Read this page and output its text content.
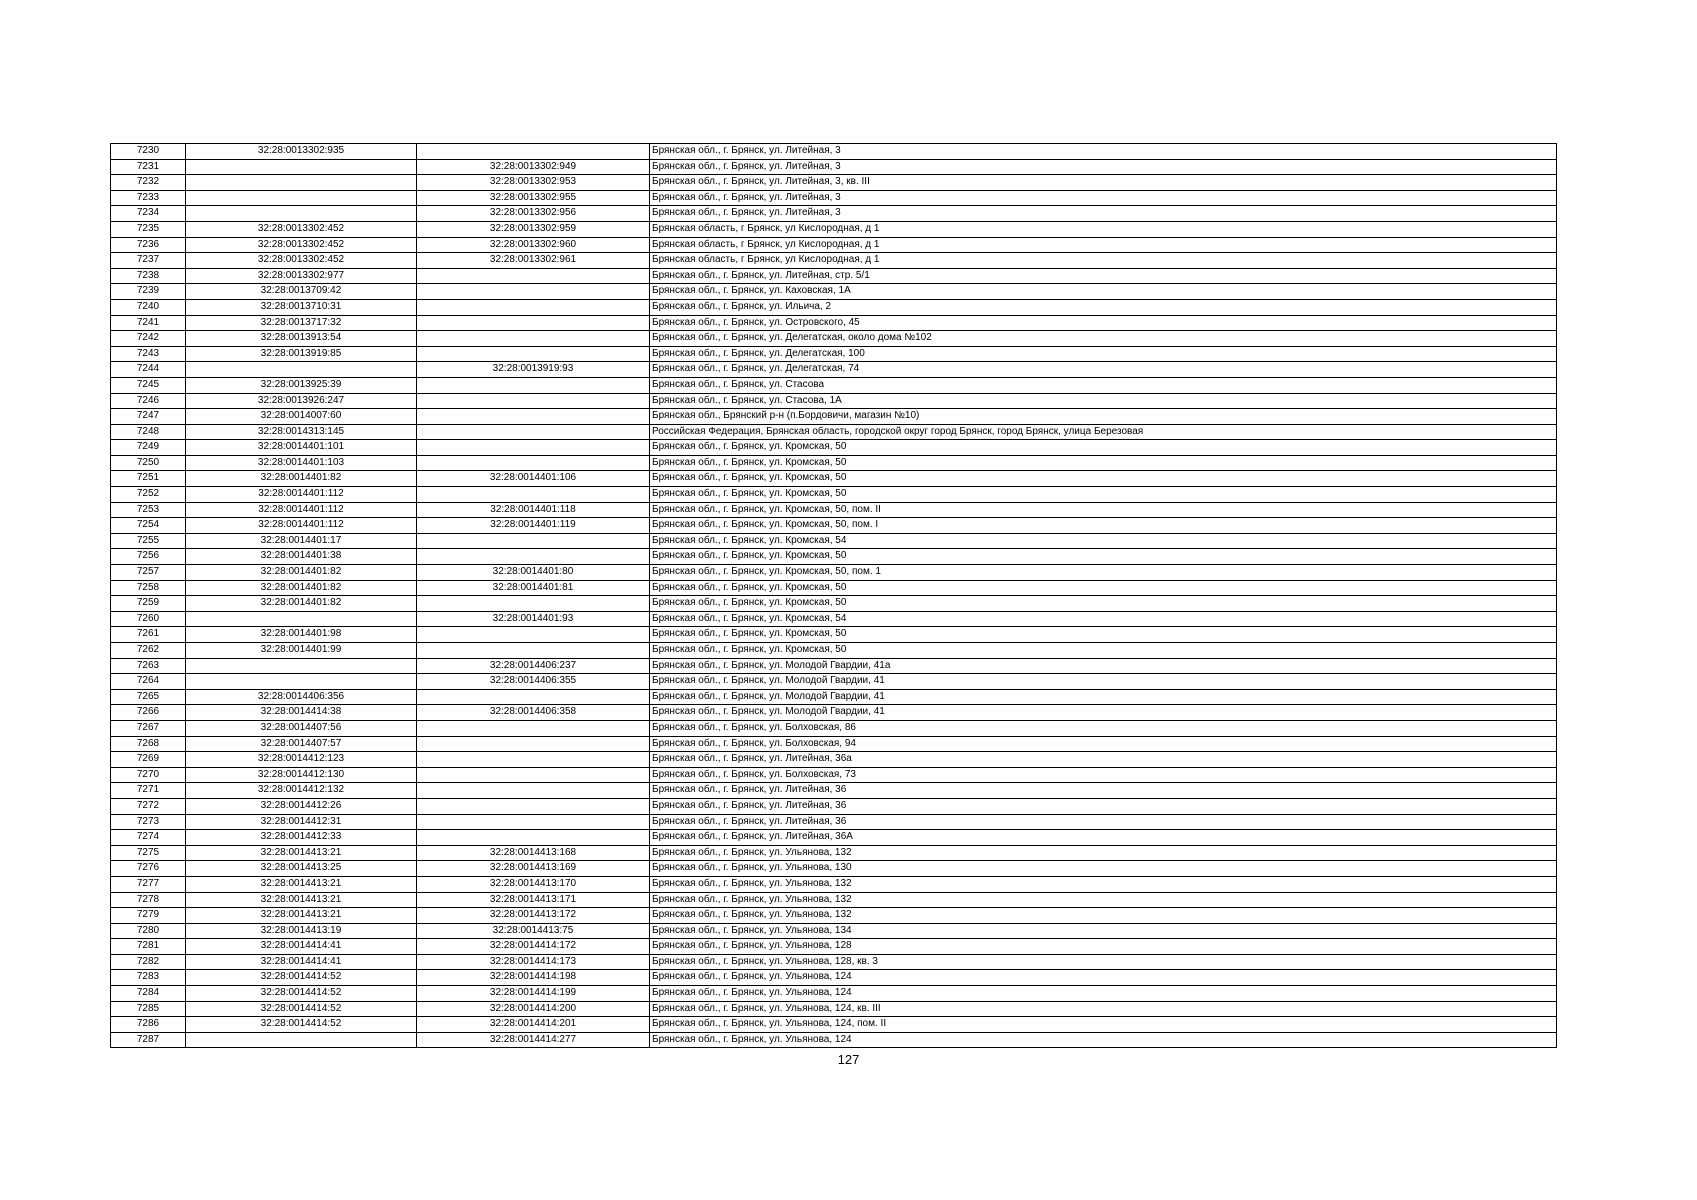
7230	32:28:0013302:935		Брянская обл., г. Брянск, ул. Литейная, 3
7231		32:28:0013302:949	Брянская обл., г. Брянск, ул. Литейная, 3
7232		32:28:0013302:953	Брянская обл., г. Брянск, ул. Литейная, 3, кв. III
7233		32:28:0013302:955	Брянская обл., г. Брянск, ул. Литейная, 3
7234		32:28:0013302:956	Брянская обл., г. Брянск, ул. Литейная, 3
7235	32:28:0013302:452	32:28:0013302:959	Брянская область, г Брянск, ул Кислородная, д 1
7236	32:28:0013302:452	32:28:0013302:960	Брянская область, г Брянск, ул Кислородная, д 1
7237	32:28:0013302:452	32:28:0013302:961	Брянская область, г Брянск, ул Кислородная, д 1
7238	32:28:0013302:977		Брянская обл., г. Брянск, ул. Литейная, стр. 5/1
7239	32:28:0013709:42		Брянская обл., г. Брянск, ул. Каховская, 1А
7240	32:28:0013710:31		Брянская обл., г. Брянск, ул. Ильича, 2
7241	32:28:0013717:32		Брянская обл., г. Брянск, ул. Островского, 45
7242	32:28:0013913:54		Брянская обл., г. Брянск, ул. Делегатская, около дома №102
7243	32:28:0013919:85		Брянская обл., г. Брянск, ул. Делегатская, 100
7244		32:28:0013919:93	Брянская обл., г. Брянск, ул. Делегатская, 74
7245	32:28:0013925:39		Брянская обл., г. Брянск, ул. Стасова
7246	32:28:0013926:247		Брянская обл., г. Брянск, ул. Стасова, 1А
7247	32:28:0014007:60		Брянская обл., Брянский р-н (п.Бордовичи, магазин №10)
7248	32:28:0014313:145		Российская Федерация, Брянская область, городской округ город Брянск, город Брянск, улица Березовая
7249	32:28:0014401:101		Брянская обл., г. Брянск, ул. Кромская, 50
7250	32:28:0014401:103		Брянская обл., г. Брянск, ул. Кромская, 50
7251	32:28:0014401:82	32:28:0014401:106	Брянская обл., г. Брянск, ул. Кромская, 50
7252	32:28:0014401:112		Брянская обл., г. Брянск, ул. Кромская, 50
7253	32:28:0014401:112	32:28:0014401:118	Брянская обл., г. Брянск, ул. Кромская, 50, пом. II
7254	32:28:0014401:112	32:28:0014401:119	Брянская обл., г. Брянск, ул. Кромская, 50, пом. I
7255	32:28:0014401:17		Брянская обл., г. Брянск, ул. Кромская, 54
7256	32:28:0014401:38		Брянская обл., г. Брянск, ул. Кромская, 50
7257	32:28:0014401:82	32:28:0014401:80	Брянская обл., г. Брянск, ул. Кромская, 50, пом. 1
7258	32:28:0014401:82	32:28:0014401:81	Брянская обл., г. Брянск, ул. Кромская, 50
7259	32:28:0014401:82		Брянская обл., г. Брянск, ул. Кромская, 50
7260		32:28:0014401:93	Брянская обл., г. Брянск, ул. Кромская, 54
7261	32:28:0014401:98		Брянская обл., г. Брянск, ул. Кромская, 50
7262	32:28:0014401:99		Брянская обл., г. Брянск, ул. Кромская, 50
7263		32:28:0014406:237	Брянская обл., г. Брянск, ул. Молодой Гвардии, 41а
7264		32:28:0014406:355	Брянская обл., г. Брянск, ул. Молодой Гвардии, 41
7265	32:28:0014406:356		Брянская обл., г. Брянск, ул. Молодой Гвардии, 41
7266	32:28:0014414:38	32:28:0014406:358	Брянская обл., г. Брянск, ул. Молодой Гвардии, 41
7267	32:28:0014407:56		Брянская обл., г. Брянск, ул. Болховская, 86
7268	32:28:0014407:57		Брянская обл., г. Брянск, ул. Болховская, 94
7269	32:28:0014412:123		Брянская обл., г. Брянск, ул. Литейная, 36а
7270	32:28:0014412:130		Брянская обл., г. Брянск, ул. Болховская, 73
7271	32:28:0014412:132		Брянская обл., г. Брянск, ул. Литейная, 36
7272	32:28:0014412:26		Брянская обл., г. Брянск, ул. Литейная, 36
7273	32:28:0014412:31		Брянская обл., г. Брянск, ул. Литейная, 36
7274	32:28:0014412:33		Брянская обл., г. Брянск, ул. Литейная, 36А
7275	32:28:0014413:21	32:28:0014413:168	Брянская обл., г. Брянск, ул. Ульянова, 132
7276	32:28:0014413:25	32:28:0014413:169	Брянская обл., г. Брянск, ул. Ульянова, 130
7277	32:28:0014413:21	32:28:0014413:170	Брянская обл., г. Брянск, ул. Ульянова, 132
7278	32:28:0014413:21	32:28:0014413:171	Брянская обл., г. Брянск, ул. Ульянова, 132
7279	32:28:0014413:21	32:28:0014413:172	Брянская обл., г. Брянск, ул. Ульянова, 132
7280	32:28:0014413:19	32:28:0014413:75	Брянская обл., г. Брянск, ул. Ульянова, 134
7281	32:28:0014414:41	32:28:0014414:172	Брянская обл., г. Брянск, ул. Ульянова, 128
7282	32:28:0014414:41	32:28:0014414:173	Брянская обл., г. Брянск, ул. Ульянова, 128, кв. 3
7283	32:28:0014414:52	32:28:0014414:198	Брянская обл., г. Брянск, ул. Ульянова, 124
7284	32:28:0014414:52	32:28:0014414:199	Брянская обл., г. Брянск, ул. Ульянова, 124
7285	32:28:0014414:52	32:28:0014414:200	Брянская обл., г. Брянск, ул. Ульянова, 124, кв. III
7286	32:28:0014414:52	32:28:0014414:201	Брянская обл., г. Брянск, ул. Ульянова, 124, пом. II
7287		32:28:0014414:277	Брянская обл., г. Брянск, ул. Ульянова, 124
127
